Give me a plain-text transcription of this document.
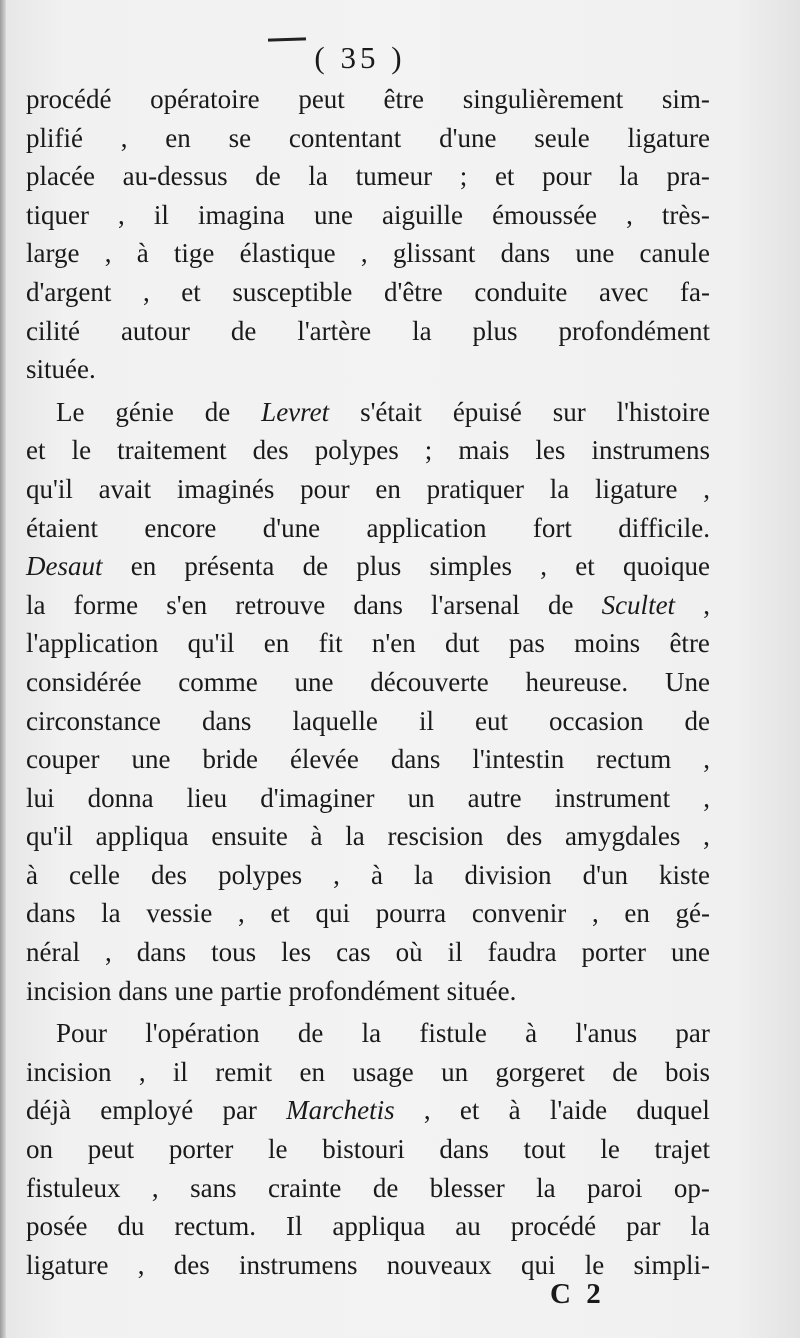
( 35 )
procédé opératoire peut être singulièrement sim-
plifié , en se contentant d'une seule ligature
placée au-dessus de la tumeur ; et pour la pra-
tiquer , il imagina une aiguille émoussée , très-
large , à tige élastique , glissant dans une canule
d'argent , et susceptible d'être conduite avec fa-
cilité autour de l'artère la plus profondément
située.
Le génie de Levret s'était épuisé sur l'histoire
et le traitement des polypes ; mais les instrumens
qu'il avait imaginés pour en pratiquer la ligature ,
étaient encore d'une application fort difficile.
Desaut en présenta de plus simples , et quoique
la forme s'en retrouve dans l'arsenal de Scultet ,
l'application qu'il en fit n'en dut pas moins être
considérée comme une découverte heureuse. Une
circonstance dans laquelle il eut occasion de
couper une bride élevée dans l'intestin rectum ,
lui donna lieu d'imaginer un autre instrument ,
qu'il appliqua ensuite à la rescision des amygdales ,
à celle des polypes , à la division d'un kiste
dans la vessie , et qui pourra convenir , en gé-
néral , dans tous les cas où il faudra porter une
incision dans une partie profondément située.
Pour l'opération de la fistule à l'anus par
incision , il remit en usage un gorgeret de bois
déjà employé par Marchetis , et à l'aide duquel
on peut porter le bistouri dans tout le trajet
fistuleux , sans crainte de blesser la paroi op-
posée du rectum. Il appliqua au procédé par la
ligature , des instrumens nouveaux qui le simpli-
C 2
